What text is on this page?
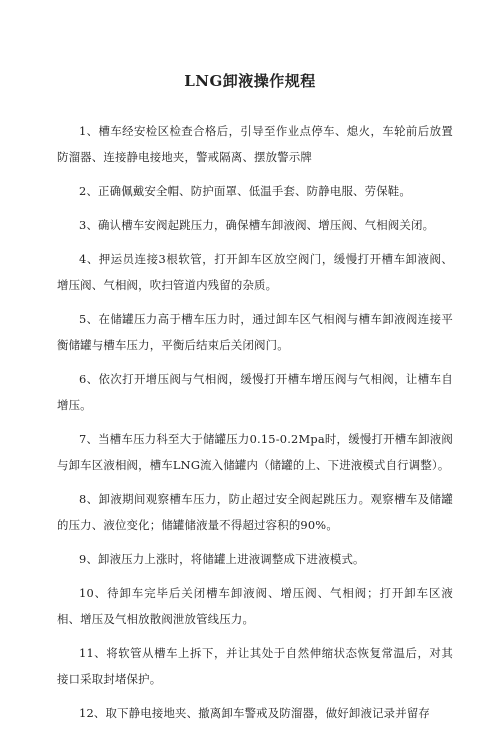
LNG卸液操作规程

1、槽车经安检区检查合格后，引导至作业点停车、熄火，车轮前后放置防溜器、连接静电接地夹，警戒隔离、摆放警示牌

2、正确佩戴安全帽、防护面罩、低温手套、防静电服、劳保鞋。

3、确认槽车安阀起跳压力，确保槽车卸液阀、增压阀、气相阀关闭。

4、押运员连接3根软管，打开卸车区放空阀门，缓慢打开槽车卸液阀、增压阀、气相阀，吹扫管道内残留的杂质。

5、在储罐压力高于槽车压力时，通过卸车区气相阀与槽车卸液阀连接平衡储罐与槽车压力，平衡后结束后关闭阀门。

6、依次打开增压阀与气相阀，缓慢打开槽车增压阀与气相阀，让槽车自增压。

7、当槽车压力科至大于储罐压力0.15-0.2Mpa时，缓慢打开槽车卸液阀与卸车区液相阀，槽车LNG流入储罐内（储罐的上、下进液模式自行调整）。

8、卸液期间观察槽车压力，防止超过安全阀起跳压力。观察槽车及储罐的压力、液位变化；储罐储液量不得超过容积的90%。

9、卸液压力上涨时，将储罐上进液调整成下进液模式。

10、待卸车完毕后关闭槽车卸液阀、增压阀、气相阀；打开卸车区液相、增压及气相放散阀泄放管线压力。

11、将软管从槽车上拆下，并让其处于自然伸缩状态恢复常温后，对其接口采取封堵保护。

12、取下静电接地夹、撤离卸车警戒及防溜器，做好卸液记录并留存
